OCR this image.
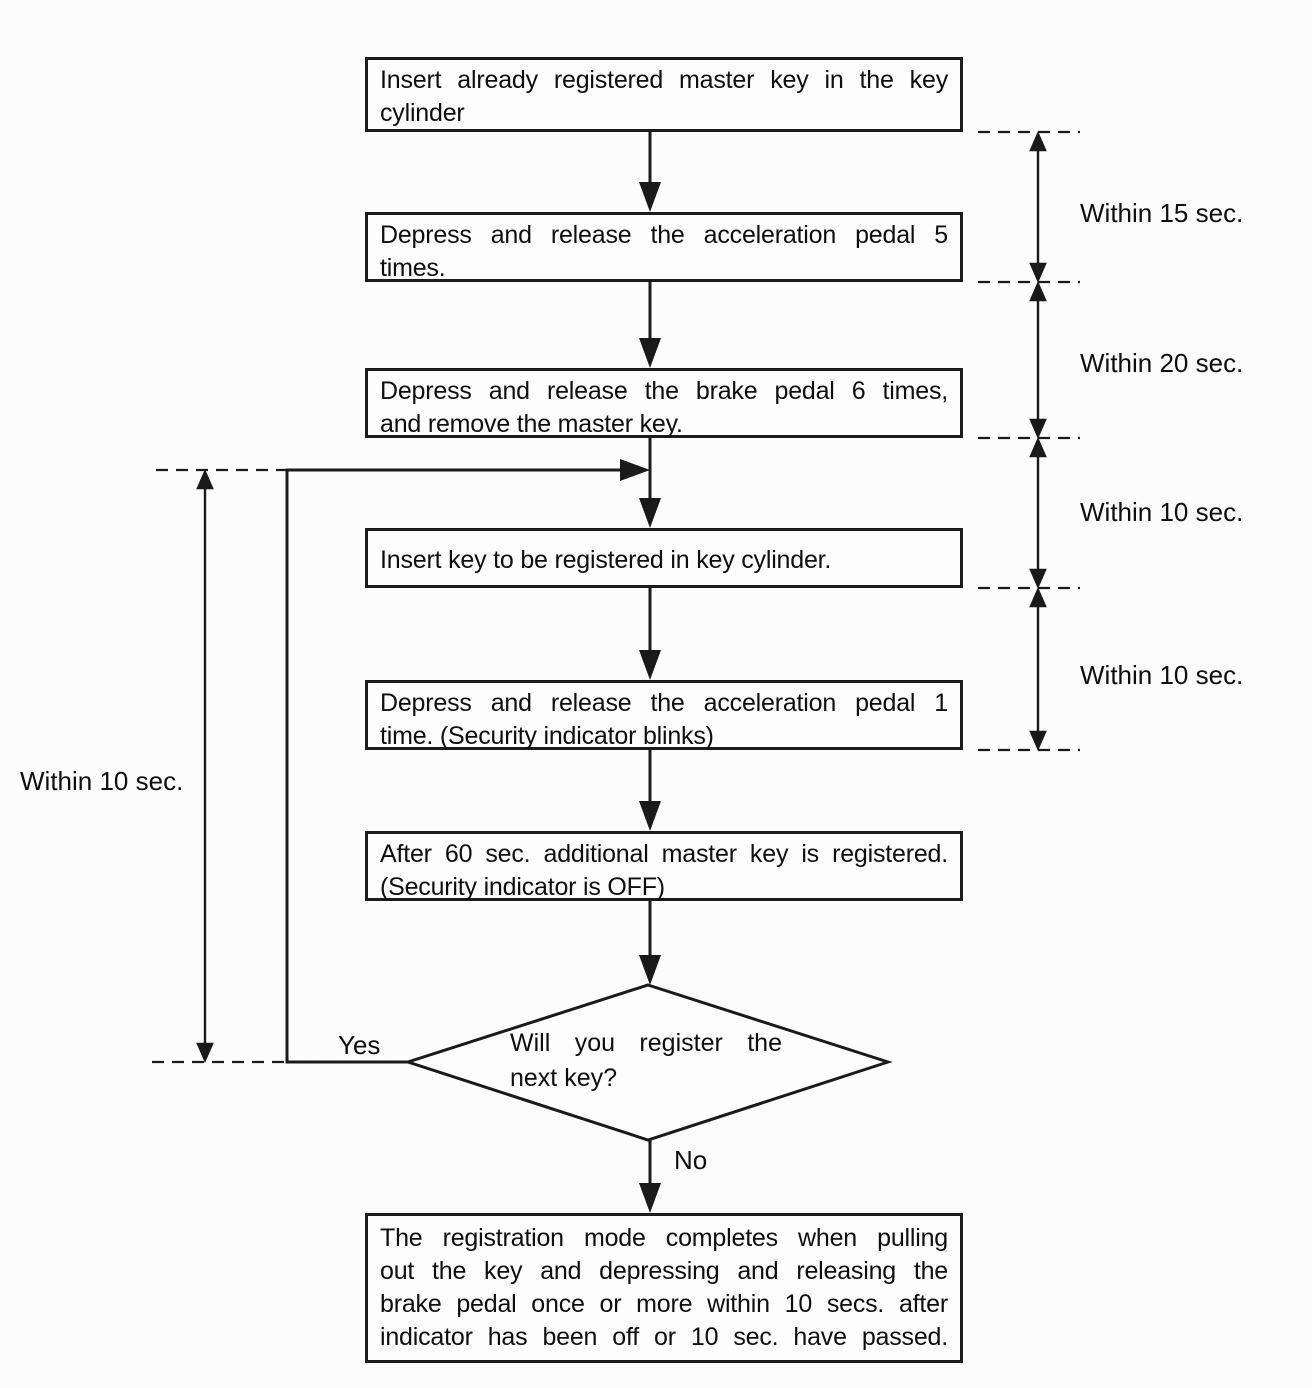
Insert already registered master key in the key
cylinder
Depress and release the acceleration pedal 5
times.
Depress and release the brake pedal 6 times,
and remove the master key.
Insert key to be registered in key cylinder.
Depress and release the acceleration pedal 1
time. (Security indicator blinks)
After 60 sec. additional master key is registered.
(Security indicator is OFF)
The registration mode completes when pulling
out the key and depressing and releasing the
brake pedal once or more within 10 secs. after
indicator has been off or 10 sec. have passed.
Will you register the
next key?
Yes
No
Within 15 sec.
Within 20 sec.
Within 10 sec.
Within 10 sec.
Within 10 sec.
